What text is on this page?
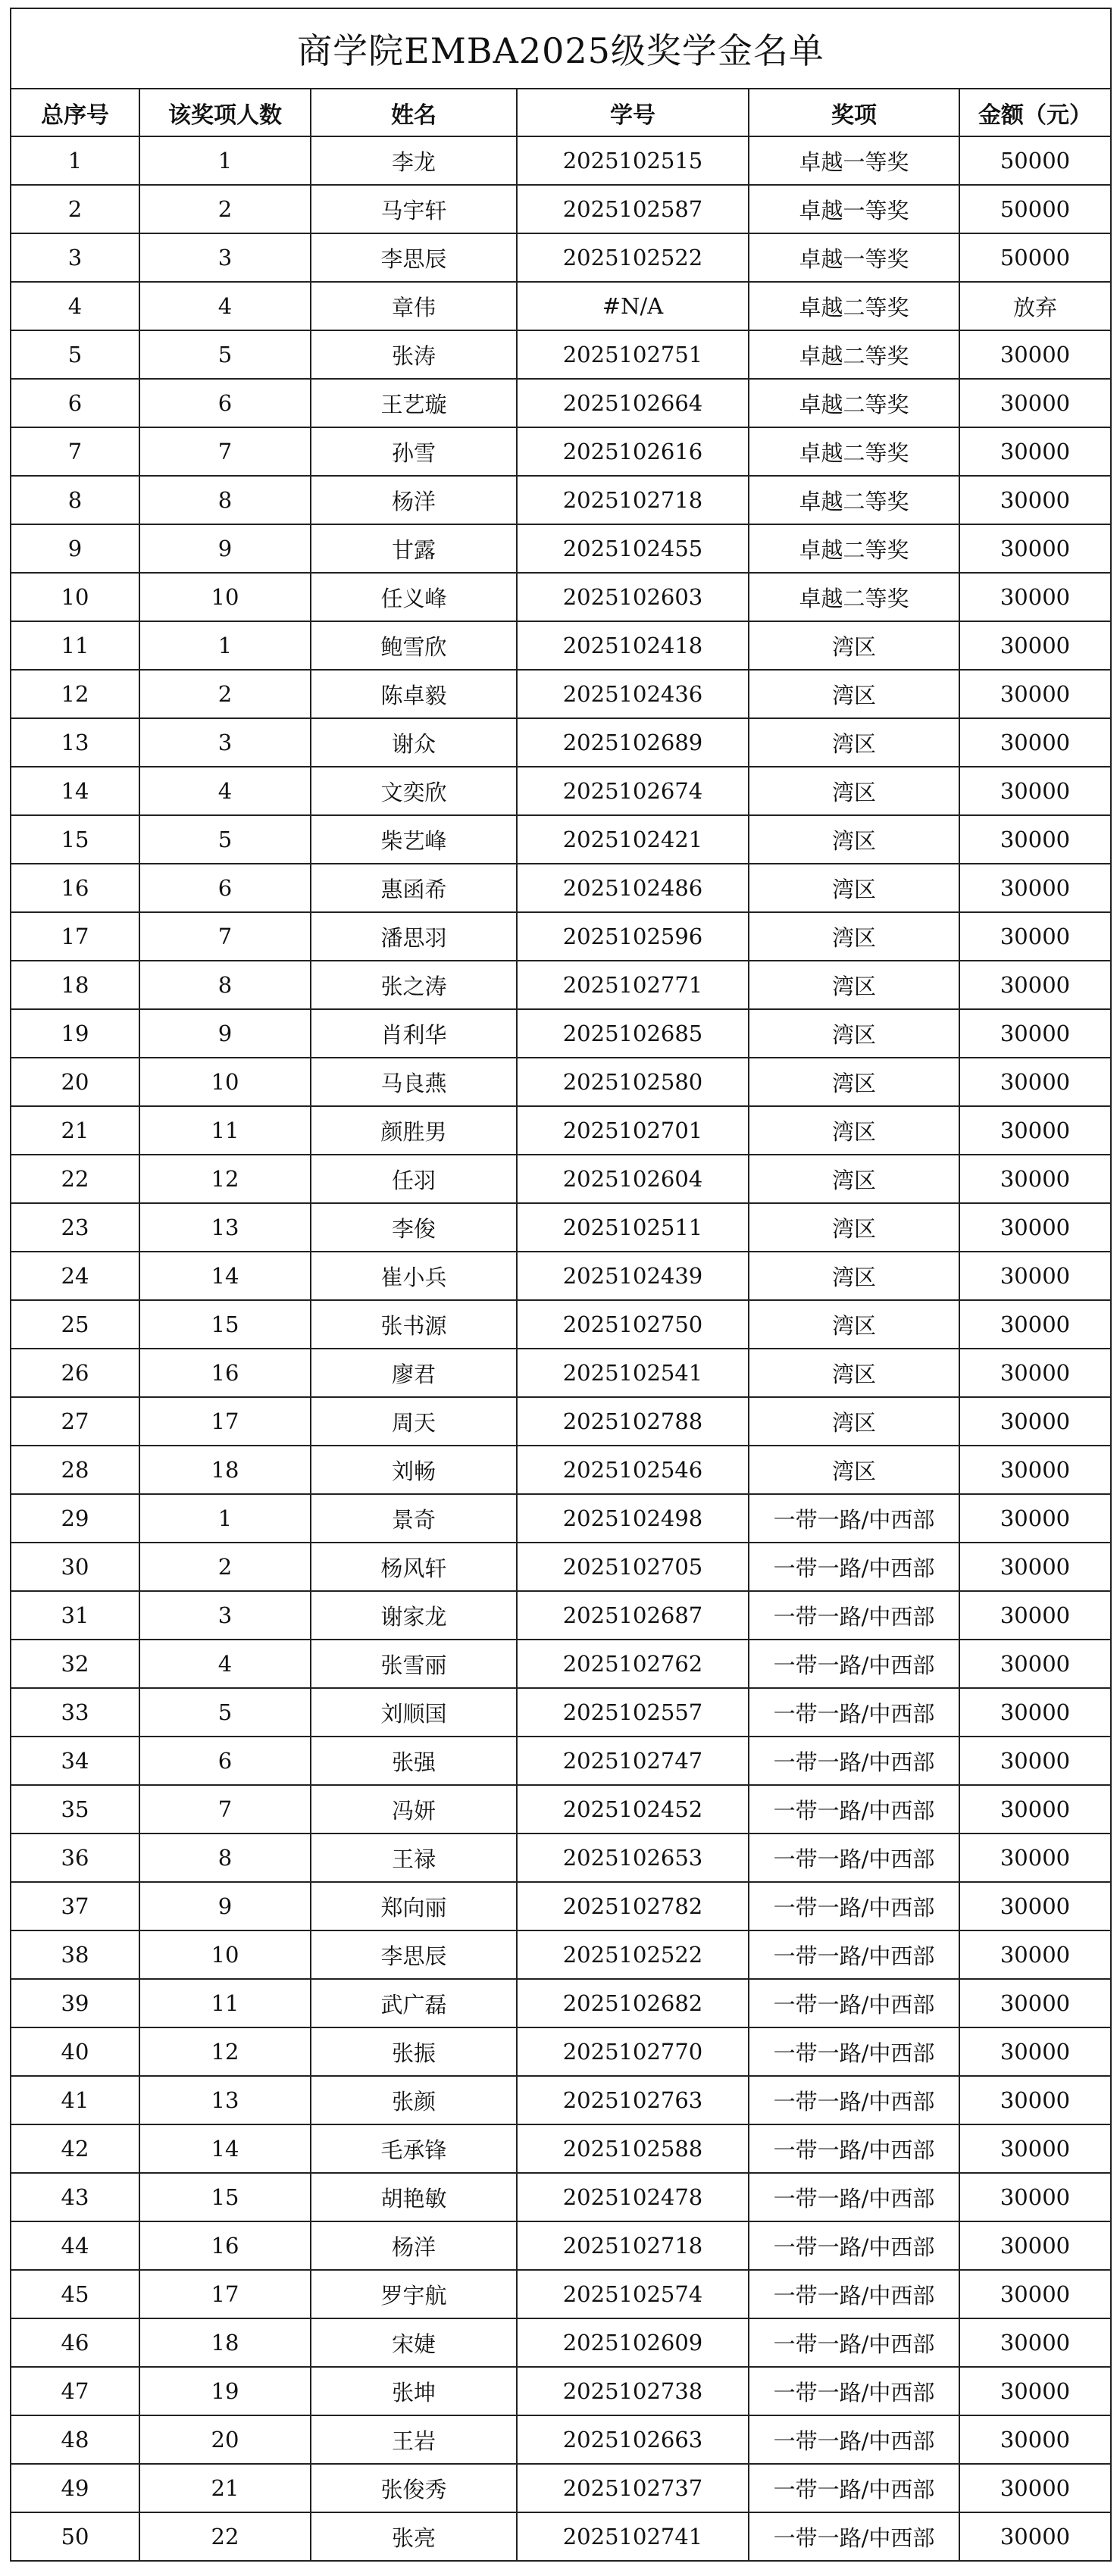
商学院EMBA2025级奖学金名单					
总序号	该奖项人数	姓名	学号	奖项	金额（元）
1	1	李龙	2025102515	卓越一等奖	50000
2	2	马宇轩	2025102587	卓越一等奖	50000
3	3	李思辰	2025102522	卓越一等奖	50000
4	4	章伟	#N/A	卓越二等奖	放弃
5	5	张涛	2025102751	卓越二等奖	30000
6	6	王艺璇	2025102664	卓越二等奖	30000
7	7	孙雪	2025102616	卓越二等奖	30000
8	8	杨洋	2025102718	卓越二等奖	30000
9	9	甘露	2025102455	卓越二等奖	30000
10	10	任义峰	2025102603	卓越二等奖	30000
11	1	鲍雪欣	2025102418	湾区	30000
12	2	陈卓毅	2025102436	湾区	30000
13	3	谢众	2025102689	湾区	30000
14	4	文奕欣	2025102674	湾区	30000
15	5	柴艺峰	2025102421	湾区	30000
16	6	惠函希	2025102486	湾区	30000
17	7	潘思羽	2025102596	湾区	30000
18	8	张之涛	2025102771	湾区	30000
19	9	肖利华	2025102685	湾区	30000
20	10	马良燕	2025102580	湾区	30000
21	11	颜胜男	2025102701	湾区	30000
22	12	任羽	2025102604	湾区	30000
23	13	李俊	2025102511	湾区	30000
24	14	崔小兵	2025102439	湾区	30000
25	15	张书源	2025102750	湾区	30000
26	16	廖君	2025102541	湾区	30000
27	17	周天	2025102788	湾区	30000
28	18	刘畅	2025102546	湾区	30000
29	1	景奇	2025102498	一带一路/中西部	30000
30	2	杨风轩	2025102705	一带一路/中西部	30000
31	3	谢家龙	2025102687	一带一路/中西部	30000
32	4	张雪丽	2025102762	一带一路/中西部	30000
33	5	刘顺国	2025102557	一带一路/中西部	30000
34	6	张强	2025102747	一带一路/中西部	30000
35	7	冯妍	2025102452	一带一路/中西部	30000
36	8	王禄	2025102653	一带一路/中西部	30000
37	9	郑向丽	2025102782	一带一路/中西部	30000
38	10	李思辰	2025102522	一带一路/中西部	30000
39	11	武广磊	2025102682	一带一路/中西部	30000
40	12	张振	2025102770	一带一路/中西部	30000
41	13	张颜	2025102763	一带一路/中西部	30000
42	14	毛承锋	2025102588	一带一路/中西部	30000
43	15	胡艳敏	2025102478	一带一路/中西部	30000
44	16	杨洋	2025102718	一带一路/中西部	30000
45	17	罗宇航	2025102574	一带一路/中西部	30000
46	18	宋婕	2025102609	一带一路/中西部	30000
47	19	张坤	2025102738	一带一路/中西部	30000
48	20	王岩	2025102663	一带一路/中西部	30000
49	21	张俊秀	2025102737	一带一路/中西部	30000
50	22	张亮	2025102741	一带一路/中西部	30000
